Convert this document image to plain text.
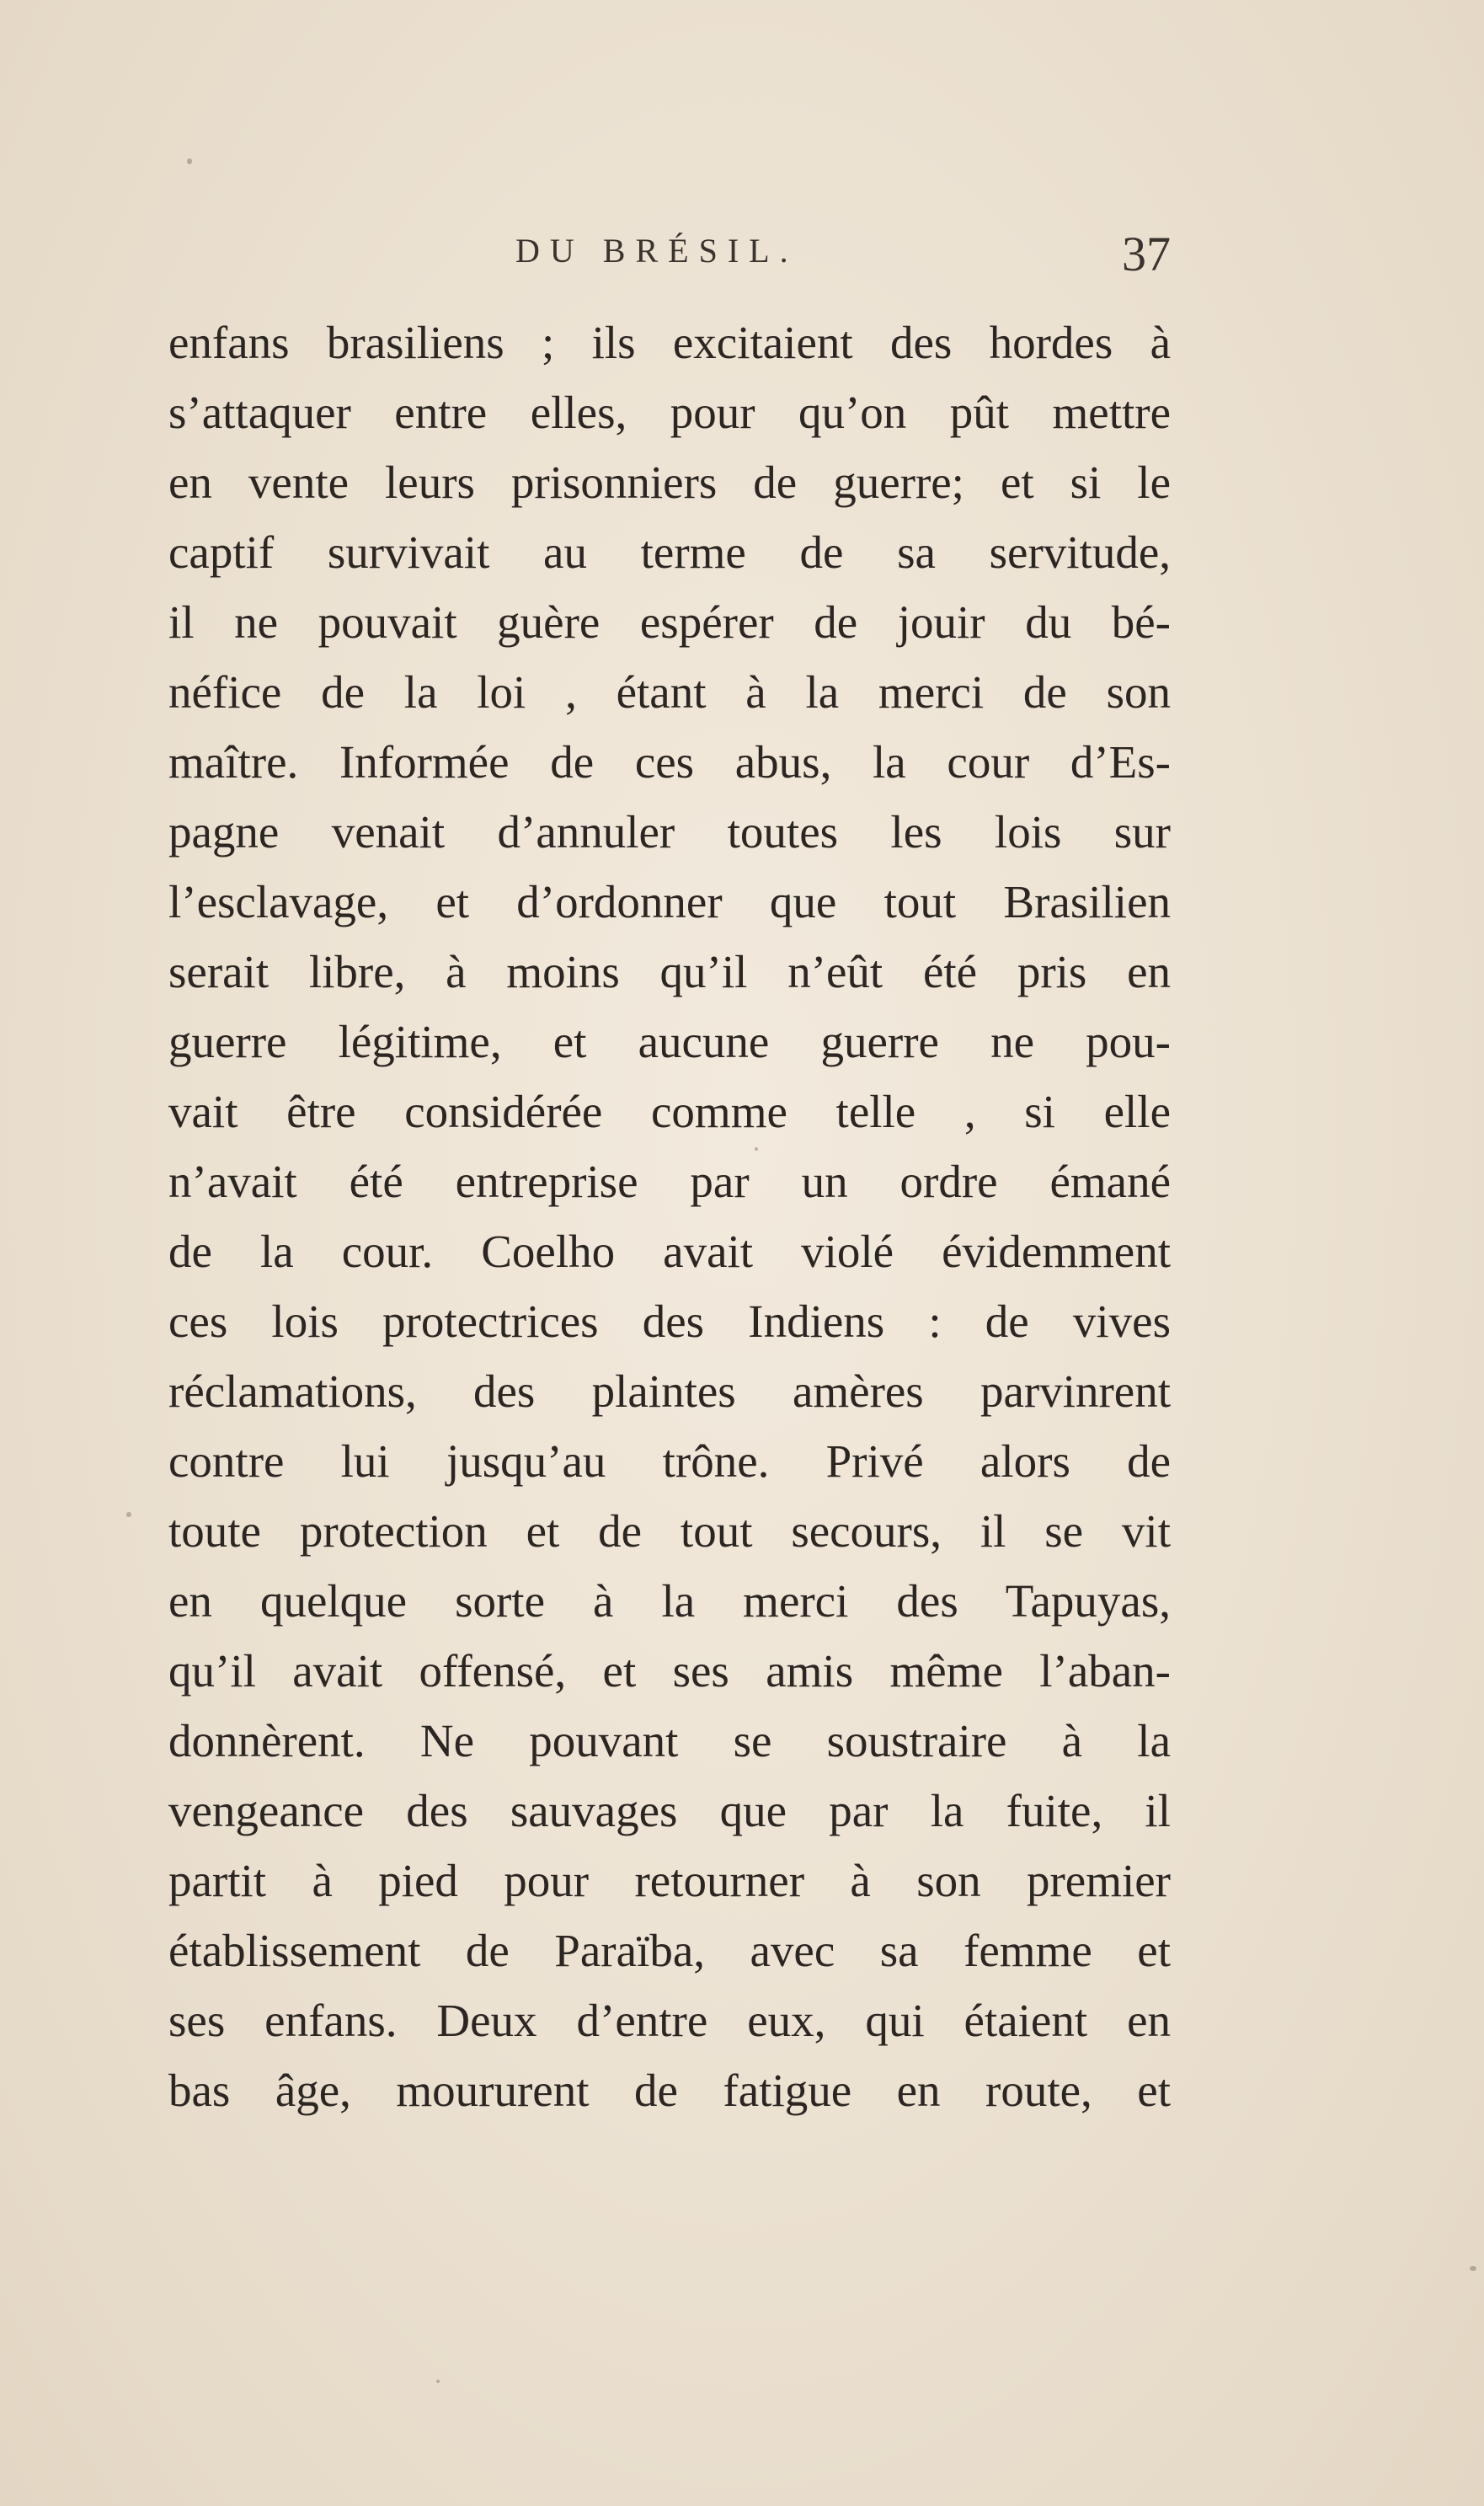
DU BRÉSIL.	37
enfans brasiliens ; ils excitaient des hordes à
s’attaquer entre elles, pour qu’on pût mettre
en vente leurs prisonniers de guerre; et si le
captif survivait au terme de sa servitude,
il ne pouvait guère espérer de jouir du bé-
néfice de la loi , étant à la merci de son
maître. Informée de ces abus, la cour d’Es-
pagne venait d’annuler toutes les lois sur
l’esclavage, et d’ordonner que tout Brasilien
serait libre, à moins qu’il n’eût été pris en
guerre légitime, et aucune guerre ne pou-
vait être considérée comme telle , si elle
n’avait été entreprise par un ordre émané
de la cour. Coelho avait violé évidemment
ces lois protectrices des Indiens : de vives
réclamations, des plaintes amères parvinrent
contre lui jusqu’au trône. Privé alors de
toute protection et de tout secours, il se vit
en quelque sorte à la merci des Tapuyas,
qu’il avait offensé, et ses amis même l’aban-
donnèrent. Ne pouvant se soustraire à la
vengeance des sauvages que par la fuite, il
partit à pied pour retourner à son premier
établissement de Paraïba, avec sa femme et
ses enfans. Deux d’entre eux, qui étaient en
bas âge, moururent de fatigue en route, et
